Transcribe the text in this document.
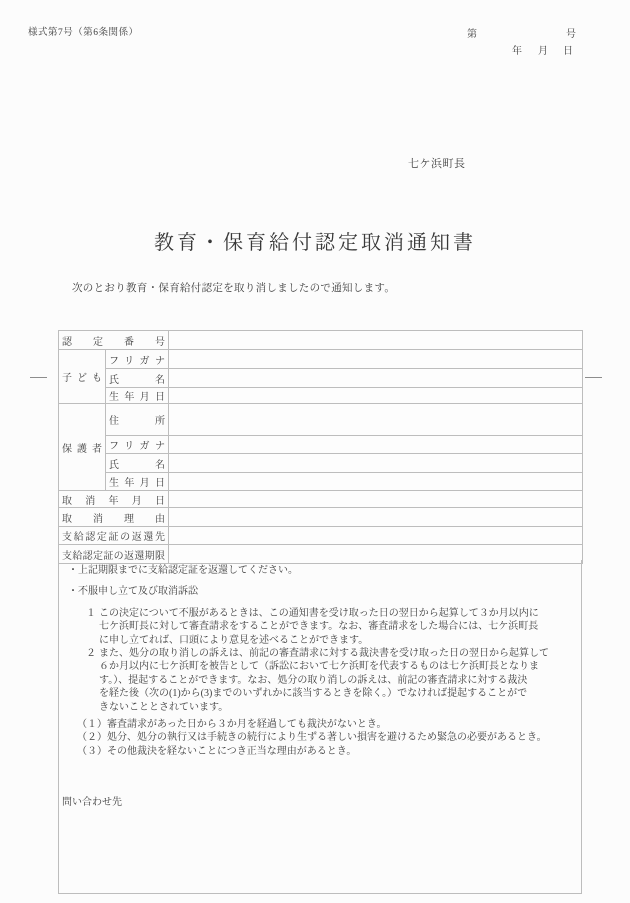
様式第7号（第6条関係）	第	号
年 月 日
七ケ浜町長
教育・保育給付認定取消通知書
次のとおり教育・保育給付認定を取り消しましたので通知します。
認定番号		
子ども	フリガナ	
	氏名	
	生年月日	
保護者	住所	
	フリガナ	
	氏名	
	生年月日	
取消年月日		
取消理由		
支給認定証の返還先		
支給認定証の返還期限		
・上記期限までに支給認定証を返還してください。
・不服申し立て及び取消訴訟
１ この決定について不服があるときは、この通知書を受け取った日の翌日から起算して３か月以内に
七ケ浜町長に対して審査請求をすることができます。なお、審査請求をした場合には、七ケ浜町長
に申し立てれば、口頭により意見を述べることができます。
２ また、処分の取り消しの訴えは、前記の審査請求に対する裁決書を受け取った日の翌日から起算して
６か月以内に七ケ浜町を被告として（訴訟において七ケ浜町を代表するものは七ケ浜町長となりま
す。）、提起することができます。なお、処分の取り消しの訴えは、前記の審査請求に対する裁決
を経た後（次の(1)から(3)までのいずれかに該当するときを除く。）でなければ提起することがで
きないこととされています。
（１）審査請求があった日から３か月を経過しても裁決がないとき。
（２）処分、処分の執行又は手続きの続行により生ずる著しい損害を避けるため緊急の必要があるとき。
（３）その他裁決を経ないことにつき正当な理由があるとき。
問い合わせ先
